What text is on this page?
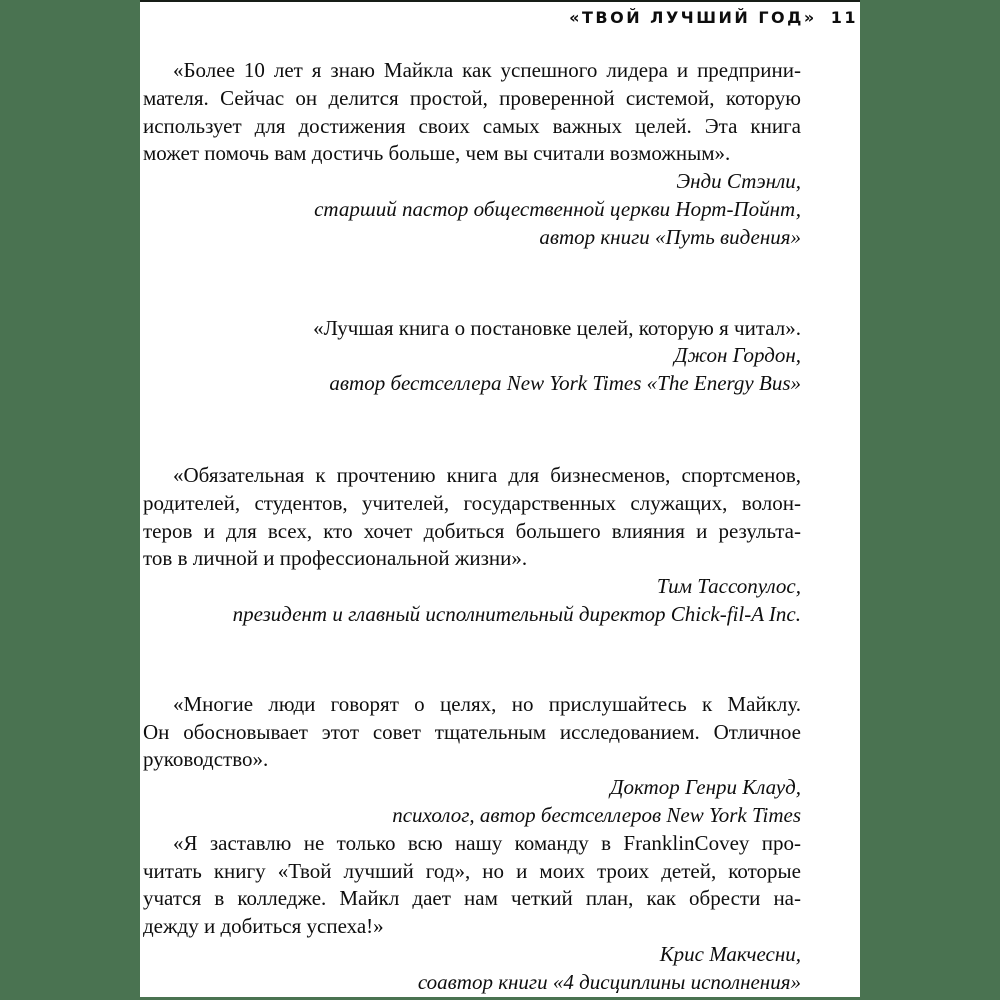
«ТВОЙ ЛУЧШИЙ ГОД» 11
«Более 10 лет я знаю Майкла как успешного лидера и предприни-
мателя. Сейчас он делится простой, проверенной системой, которую
использует для достижения своих самых важных целей. Эта книга
может помочь вам достичь больше, чем вы считали возможным».
Энди Стэнли,
старший пастор общественной церкви Норт-Пойнт,
автор книги «Путь видения»
«Лучшая книга о постановке целей, которую я читал».
Джон Гордон,
автор бестселлера New York Times «The Energy Bus»
«Обязательная к прочтению книга для бизнесменов, спортсменов,
родителей, студентов, учителей, государственных служащих, волон-
теров и для всех, кто хочет добиться большего влияния и результа-
тов в личной и профессиональной жизни».
Тим Тассопулос,
президент и главный исполнительный директор Chick-fil-A Inc.
«Многие люди говорят о целях, но прислушайтесь к Майклу.
Он обосновывает этот совет тщательным исследованием. Отличное
руководство».
Доктор Генри Клауд,
психолог, автор бестселлеров New York Times
«Я заставлю не только всю нашу команду в FranklinCovey про-
читать книгу «Твой лучший год», но и моих троих детей, которые
учатся в колледже. Майкл дает нам четкий план, как обрести на-
дежду и добиться успеха!»
Крис Макчесни,
соавтор книги «4 дисциплины исполнения»
